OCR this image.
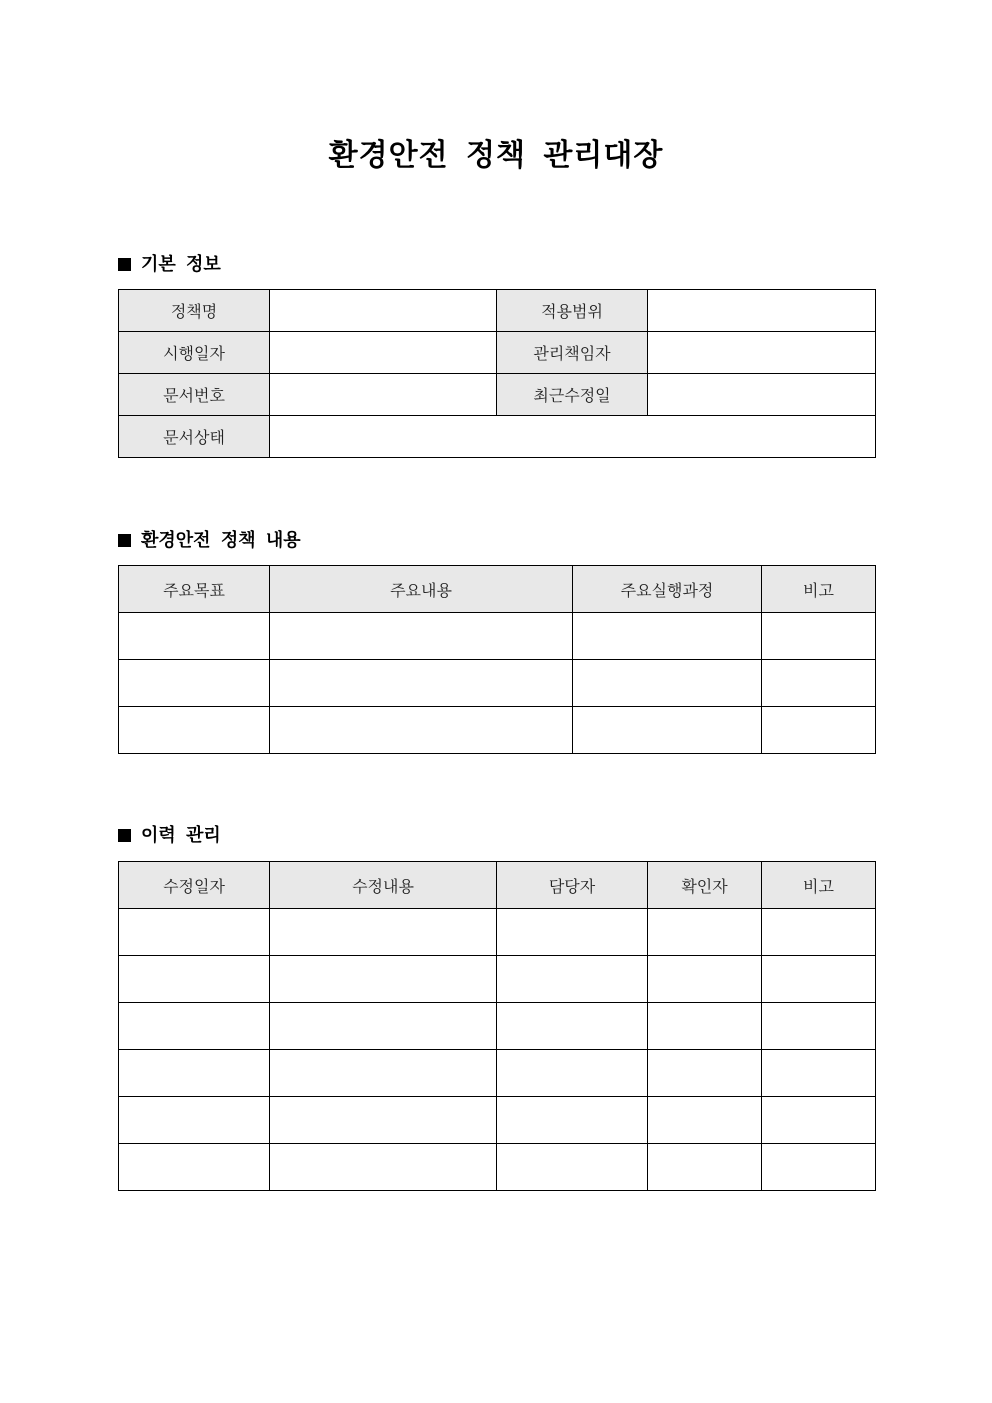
환경안전 정책 관리대장
기본 정보
정책명		적용범위	
시행일자		관리책임자	
문서번호		최근수정일	
문서상태			
환경안전 정책 내용
주요목표	주요내용	주요실행과정	비고

이력 관리
수정일자	수정내용	담당자	확인자	비고
